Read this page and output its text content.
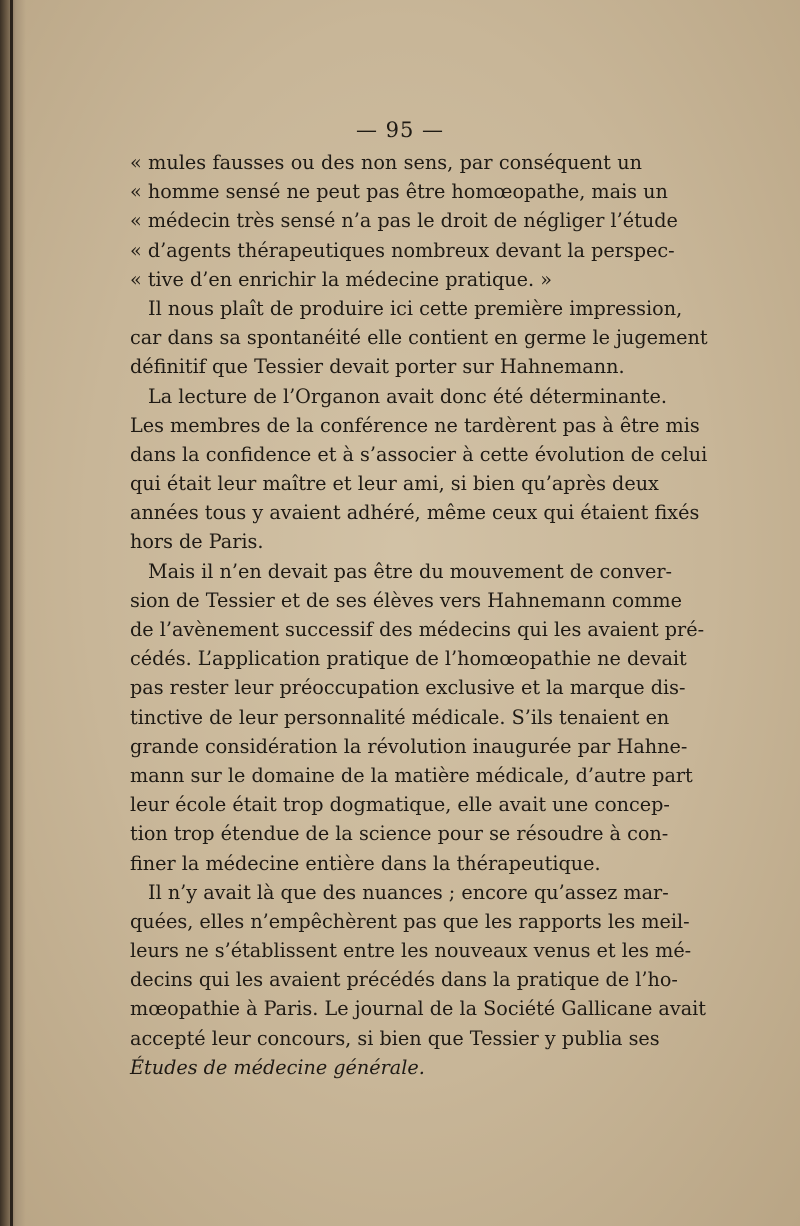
— 95 —
« mules fausses ou des non sens, par conséquent un
« homme sensé ne peut pas être homœopathe, mais un
« médecin très sensé n’a pas le droit de négliger l’étude
« d’agents thérapeutiques nombreux devant la perspec-
« tive d’en enrichir la médecine pratique. »
Il nous plaît de produire ici cette première impression,
car dans sa spontanéité elle contient en germe le jugement
définitif que Tessier devait porter sur Hahnemann.
La lecture de l’Organon avait donc été déterminante.
Les membres de la conférence ne tardèrent pas à être mis
dans la confidence et à s’associer à cette évolution de celui
qui était leur maître et leur ami, si bien qu’après deux
années tous y avaient adhéré, même ceux qui étaient fixés
hors de Paris.
Mais il n’en devait pas être du mouvement de conver-
sion de Tessier et de ses élèves vers Hahnemann comme
de l’avènement successif des médecins qui les avaient pré-
cédés. L’application pratique de l’homœopathie ne devait
pas rester leur préoccupation exclusive et la marque dis-
tinctive de leur personnalité médicale. S’ils tenaient en
grande considération la révolution inaugurée par Hahne-
mann sur le domaine de la matière médicale, d’autre part
leur école était trop dogmatique, elle avait une concep-
tion trop étendue de la science pour se résoudre à con-
finer la médecine entière dans la thérapeutique.
Il n’y avait là que des nuances ; encore qu’assez mar-
quées, elles n’empêchèrent pas que les rapports les meil-
leurs ne s’établissent entre les nouveaux venus et les mé-
decins qui les avaient précédés dans la pratique de l’ho-
mœopathie à Paris. Le journal de la Société Gallicane avait
accepté leur concours, si bien que Tessier y publia ses
Études de médecine générale.
